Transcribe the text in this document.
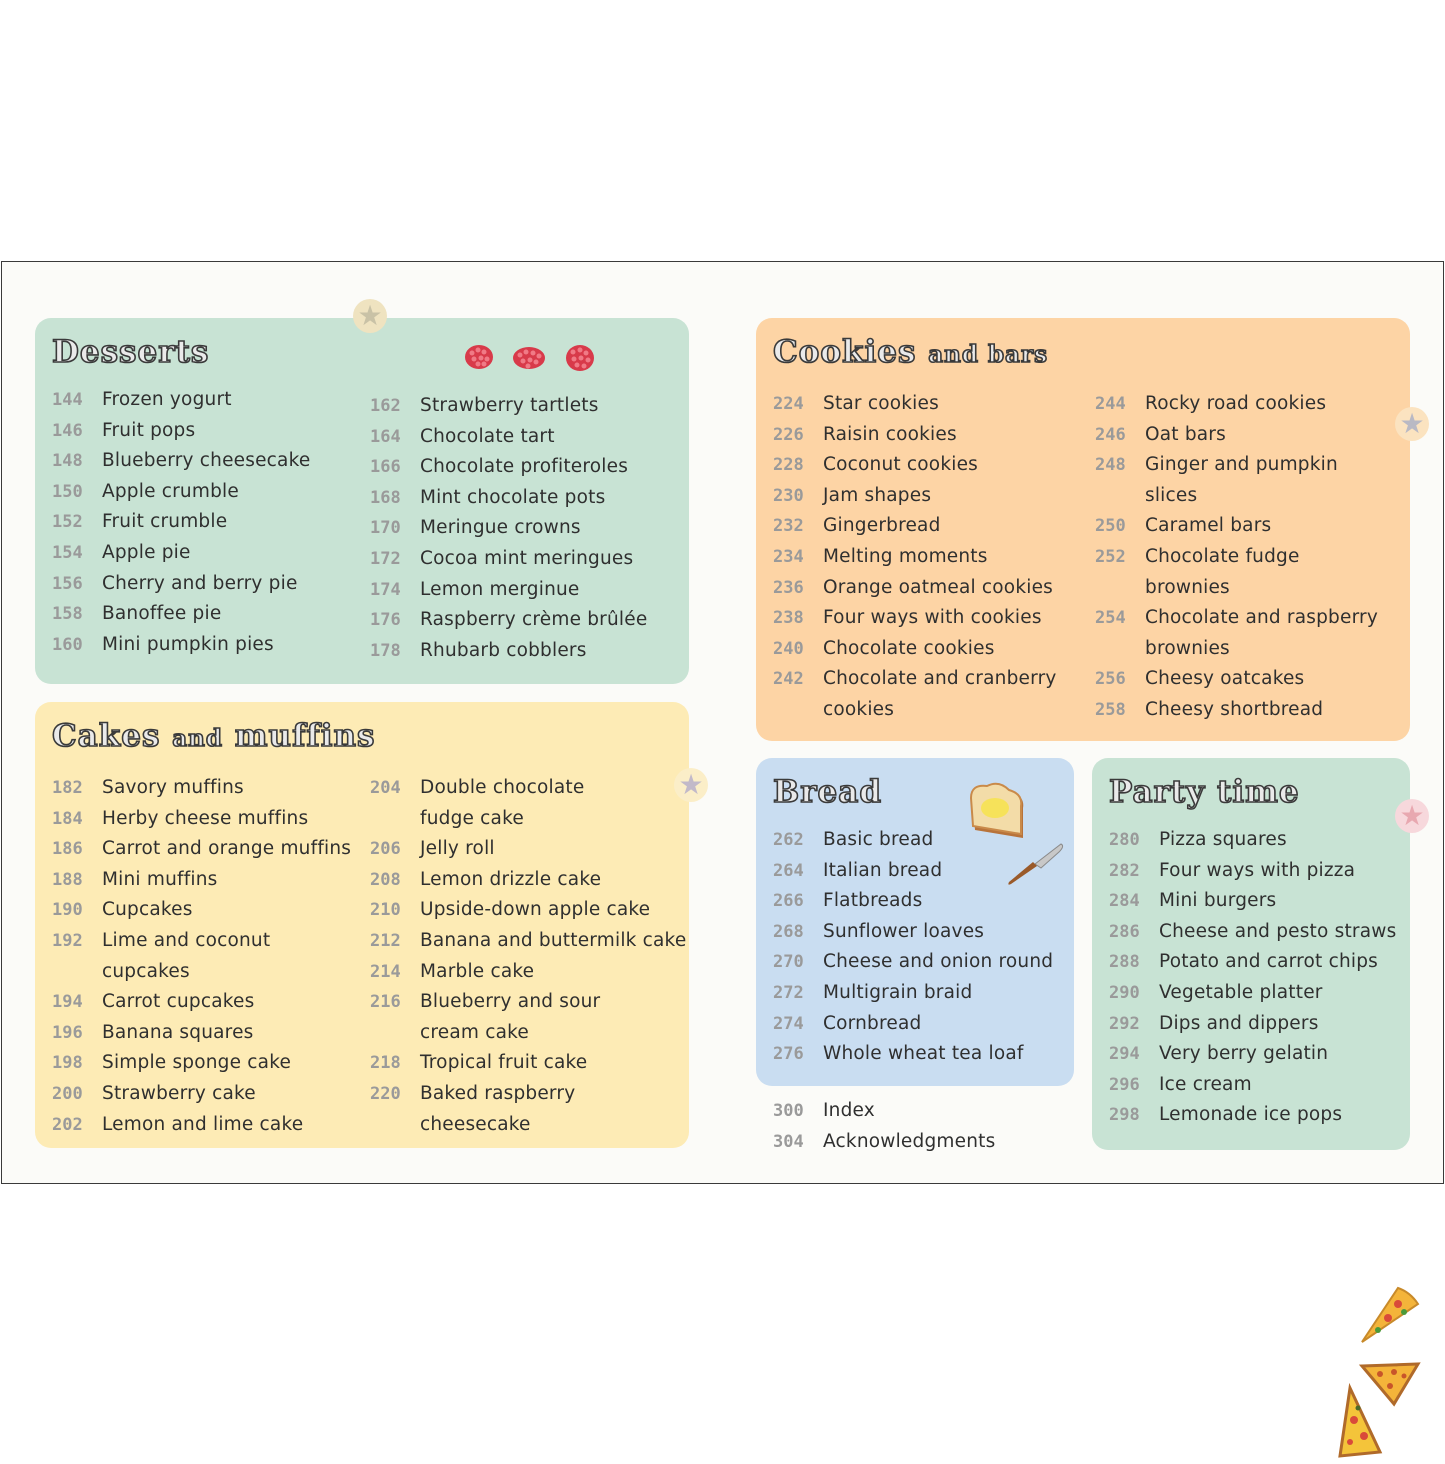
Desserts
144 Frozen yogurt
146 Fruit pops
148 Blueberry cheesecake
150 Apple crumble
152 Fruit crumble
154 Apple pie
156 Cherry and berry pie
158 Banoffee pie
160 Mini pumpkin pies
162 Strawberry tartlets
164 Chocolate tart
166 Chocolate profiteroles
168 Mint chocolate pots
170 Meringue crowns
172 Cocoa mint meringues
174 Lemon merginue
176 Raspberry crème brûlée
178 Rhubarb cobblers
Cakes and muffins
182 Savory muffins
184 Herby cheese muffins
186 Carrot and orange muffins
188 Mini muffins
190 Cupcakes
192 Lime and coconut
cupcakes
194 Carrot cupcakes
196 Banana squares
198 Simple sponge cake
200 Strawberry cake
202 Lemon and lime cake
204 Double chocolate
fudge cake
206 Jelly roll
208 Lemon drizzle cake
210 Upside-down apple cake
212 Banana and buttermilk cake
214 Marble cake
216 Blueberry and sour
cream cake
218 Tropical fruit cake
220 Baked raspberry
cheesecake
Cookies and bars
224 Star cookies
226 Raisin cookies
228 Coconut cookies
230 Jam shapes
232 Gingerbread
234 Melting moments
236 Orange oatmeal cookies
238 Four ways with cookies
240 Chocolate cookies
242 Chocolate and cranberry
cookies
244 Rocky road cookies
246 Oat bars
248 Ginger and pumpkin
slices
250 Caramel bars
252 Chocolate fudge
brownies
254 Chocolate and raspberry
brownies
256 Cheesy oatcakes
258 Cheesy shortbread
Bread
262 Basic bread
264 Italian bread
266 Flatbreads
268 Sunflower loaves
270 Cheese and onion round
272 Multigrain braid
274 Cornbread
276 Whole wheat tea loaf
300 Index
304 Acknowledgments
Party time
280 Pizza squares
282 Four ways with pizza
284 Mini burgers
286 Cheese and pesto straws
288 Potato and carrot chips
290 Vegetable platter
292 Dips and dippers
294 Very berry gelatin
296 Ice cream
298 Lemonade ice pops
★
★
★
★
